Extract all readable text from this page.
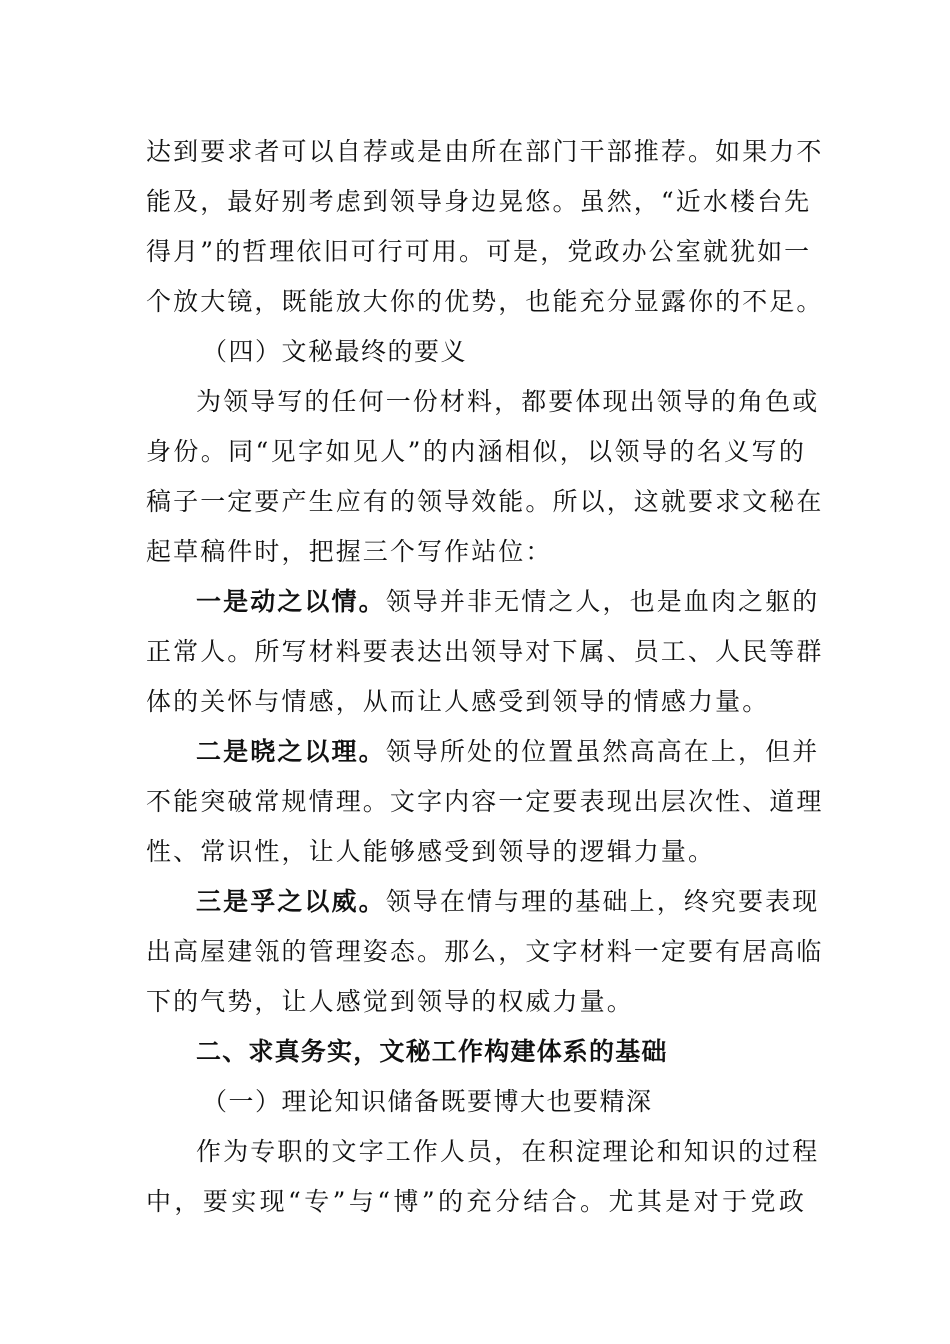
达到要求者可以自荐或是由所在部门干部推荐。如果力不
能及，最好别考虑到领导身边晃悠。虽然，“近水楼台先
得月”的哲理依旧可行可用。可是，党政办公室就犹如一
个放大镜，既能放大你的优势，也能充分显露你的不足。
（四）文秘最终的要义
为领导写的任何一份材料，都要体现出领导的角色或
身份。同“见字如见人”的内涵相似，以领导的名义写的
稿子一定要产生应有的领导效能。所以，这就要求文秘在
起草稿件时，把握三个写作站位：
一是动之以情。领导并非无情之人，也是血肉之躯的
正常人。所写材料要表达出领导对下属、员工、人民等群
体的关怀与情感，从而让人感受到领导的情感力量。
二是晓之以理。领导所处的位置虽然高高在上，但并
不能突破常规情理。文字内容一定要表现出层次性、道理
性、常识性，让人能够感受到领导的逻辑力量。
三是孚之以威。领导在情与理的基础上，终究要表现
出高屋建瓴的管理姿态。那么，文字材料一定要有居高临
下的气势，让人感觉到领导的权威力量。
二、求真务实，文秘工作构建体系的基础
（一）理论知识储备既要博大也要精深
作为专职的文字工作人员，在积淀理论和知识的过程
中，要实现“专”与“博”的充分结合。尤其是对于党政
